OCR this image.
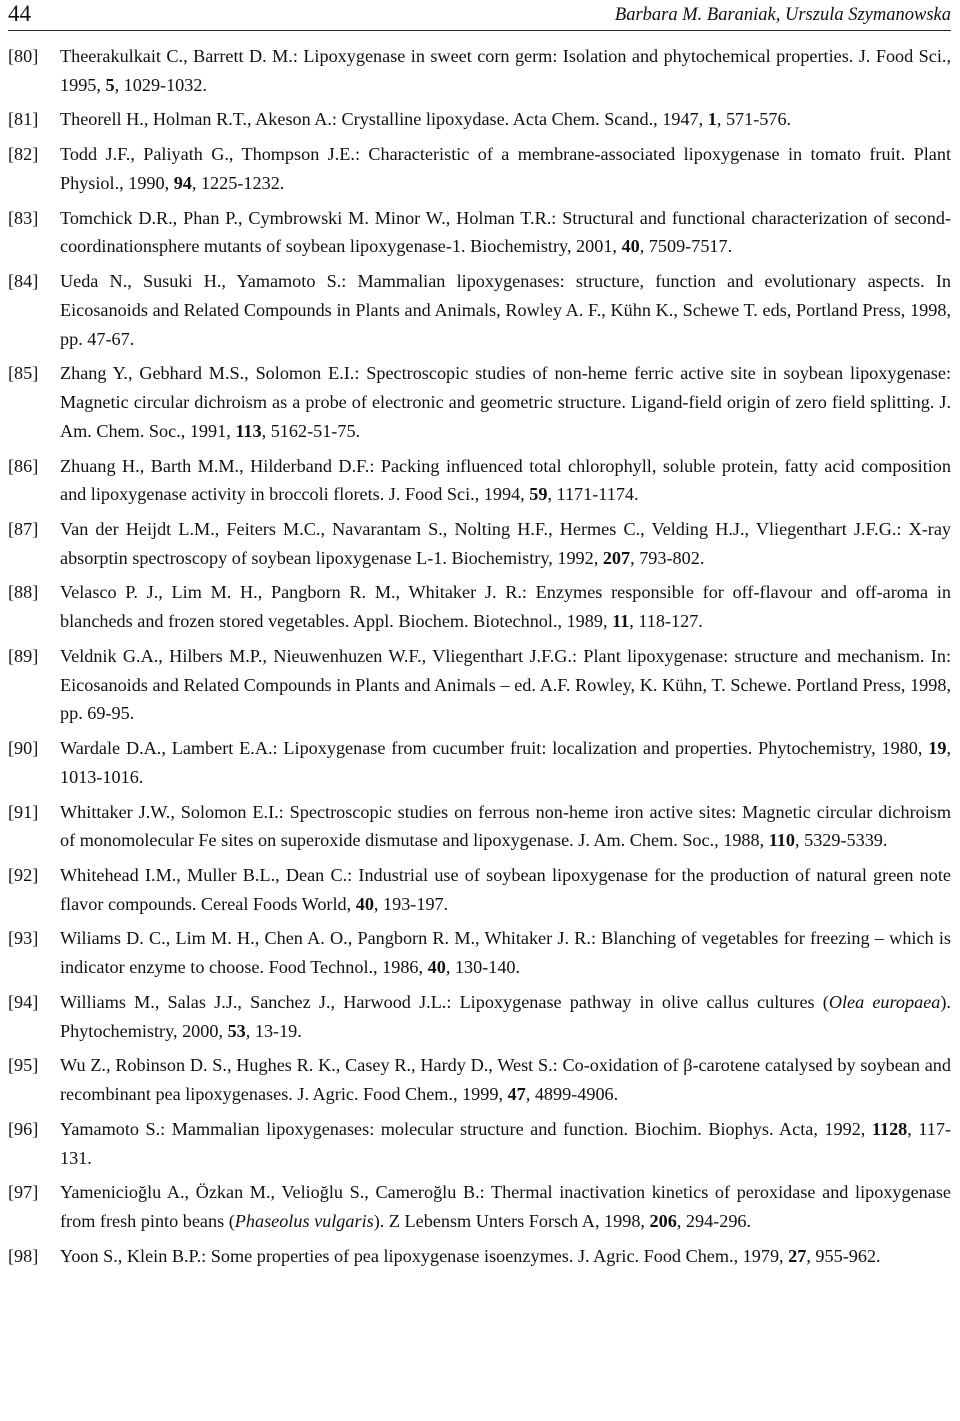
44	Barbara M. Baraniak, Urszula Szymanowska
[80] Theerakulkait C., Barrett D. M.: Lipoxygenase in sweet corn germ: Isolation and phytochemical properties. J. Food Sci., 1995, 5, 1029-1032.
[81] Theorell H., Holman R.T., Akeson A.: Crystalline lipoxydase. Acta Chem. Scand., 1947, 1, 571-576.
[82] Todd J.F., Paliyath G., Thompson J.E.: Characteristic of a membrane-associated lipoxygenase in tomato fruit. Plant Physiol., 1990, 94, 1225-1232.
[83] Tomchick D.R., Phan P., Cymbrowski M. Minor W., Holman T.R.: Structural and functional characterization of second-coordinationsphere mutants of soybean lipoxygenase-1. Biochemistry, 2001, 40, 7509-7517.
[84] Ueda N., Susuki H., Yamamoto S.: Mammalian lipoxygenases: structure, function and evolutionary aspects. In Eicosanoids and Related Compounds in Plants and Animals, Rowley A. F., Kühn K., Schewe T. eds, Portland Press, 1998, pp. 47-67.
[85] Zhang Y., Gebhard M.S., Solomon E.I.: Spectroscopic studies of non-heme ferric active site in soybean lipoxygenase: Magnetic circular dichroism as a probe of electronic and geometric structure. Ligand-field origin of zero field splitting. J. Am. Chem. Soc., 1991, 113, 5162-51-75.
[86] Zhuang H., Barth M.M., Hilderband D.F.: Packing influenced total chlorophyll, soluble protein, fatty acid composition and lipoxygenase activity in broccoli florets. J. Food Sci., 1994, 59, 1171-1174.
[87] Van der Heijdt L.M., Feiters M.C., Navarantam S., Nolting H.F., Hermes C., Velding H.J., Vliegenthart J.F.G.: X-ray absorptin spectroscopy of soybean lipoxygenase L-1. Biochemistry, 1992, 207, 793-802.
[88] Velasco P. J., Lim M. H., Pangborn R. M., Whitaker J. R.: Enzymes responsible for off-flavour and off-aroma in blancheds and frozen stored vegetables. Appl. Biochem. Biotechnol., 1989, 11, 118-127.
[89] Veldnik G.A., Hilbers M.P., Nieuwenhuzen W.F., Vliegenthart J.F.G.: Plant lipoxygenase: structure and mechanism. In: Eicosanoids and Related Compounds in Plants and Animals – ed. A.F. Rowley, K. Kühn, T. Schewe. Portland Press, 1998, pp. 69-95.
[90] Wardale D.A., Lambert E.A.: Lipoxygenase from cucumber fruit: localization and properties. Phytochemistry, 1980, 19, 1013-1016.
[91] Whittaker J.W., Solomon E.I.: Spectroscopic studies on ferrous non-heme iron active sites: Magnetic circular dichroism of monomolecular Fe sites on superoxide dismutase and lipoxygenase. J. Am. Chem. Soc., 1988, 110, 5329-5339.
[92] Whitehead I.M., Muller B.L., Dean C.: Industrial use of soybean lipoxygenase for the production of natural green note flavor compounds. Cereal Foods World, 40, 193-197.
[93] Wiliams D. C., Lim M. H., Chen A. O., Pangborn R. M., Whitaker J. R.: Blanching of vegetables for freezing – which is indicator enzyme to choose. Food Technol., 1986, 40, 130-140.
[94] Williams M., Salas J.J., Sanchez J., Harwood J.L.: Lipoxygenase pathway in olive callus cultures (Olea europaea). Phytochemistry, 2000, 53, 13-19.
[95] Wu Z., Robinson D. S., Hughes R. K., Casey R., Hardy D., West S.: Co-oxidation of β-carotene catalysed by soybean and recombinant pea lipoxygenases. J. Agric. Food Chem., 1999, 47, 4899-4906.
[96] Yamamoto S.: Mammalian lipoxygenases: molecular structure and function. Biochim. Biophys. Acta, 1992, 1128, 117-131.
[97] Yamenicioğlu A., Özkan M., Velioğlu S., Cameroğlu B.: Thermal inactivation kinetics of peroxidase and lipoxygenase from fresh pinto beans (Phaseolus vulgaris). Z Lebensm Unters Forsch A, 1998, 206, 294-296.
[98] Yoon S., Klein B.P.: Some properties of pea lipoxygenase isoenzymes. J. Agric. Food Chem., 1979, 27, 955-962.
